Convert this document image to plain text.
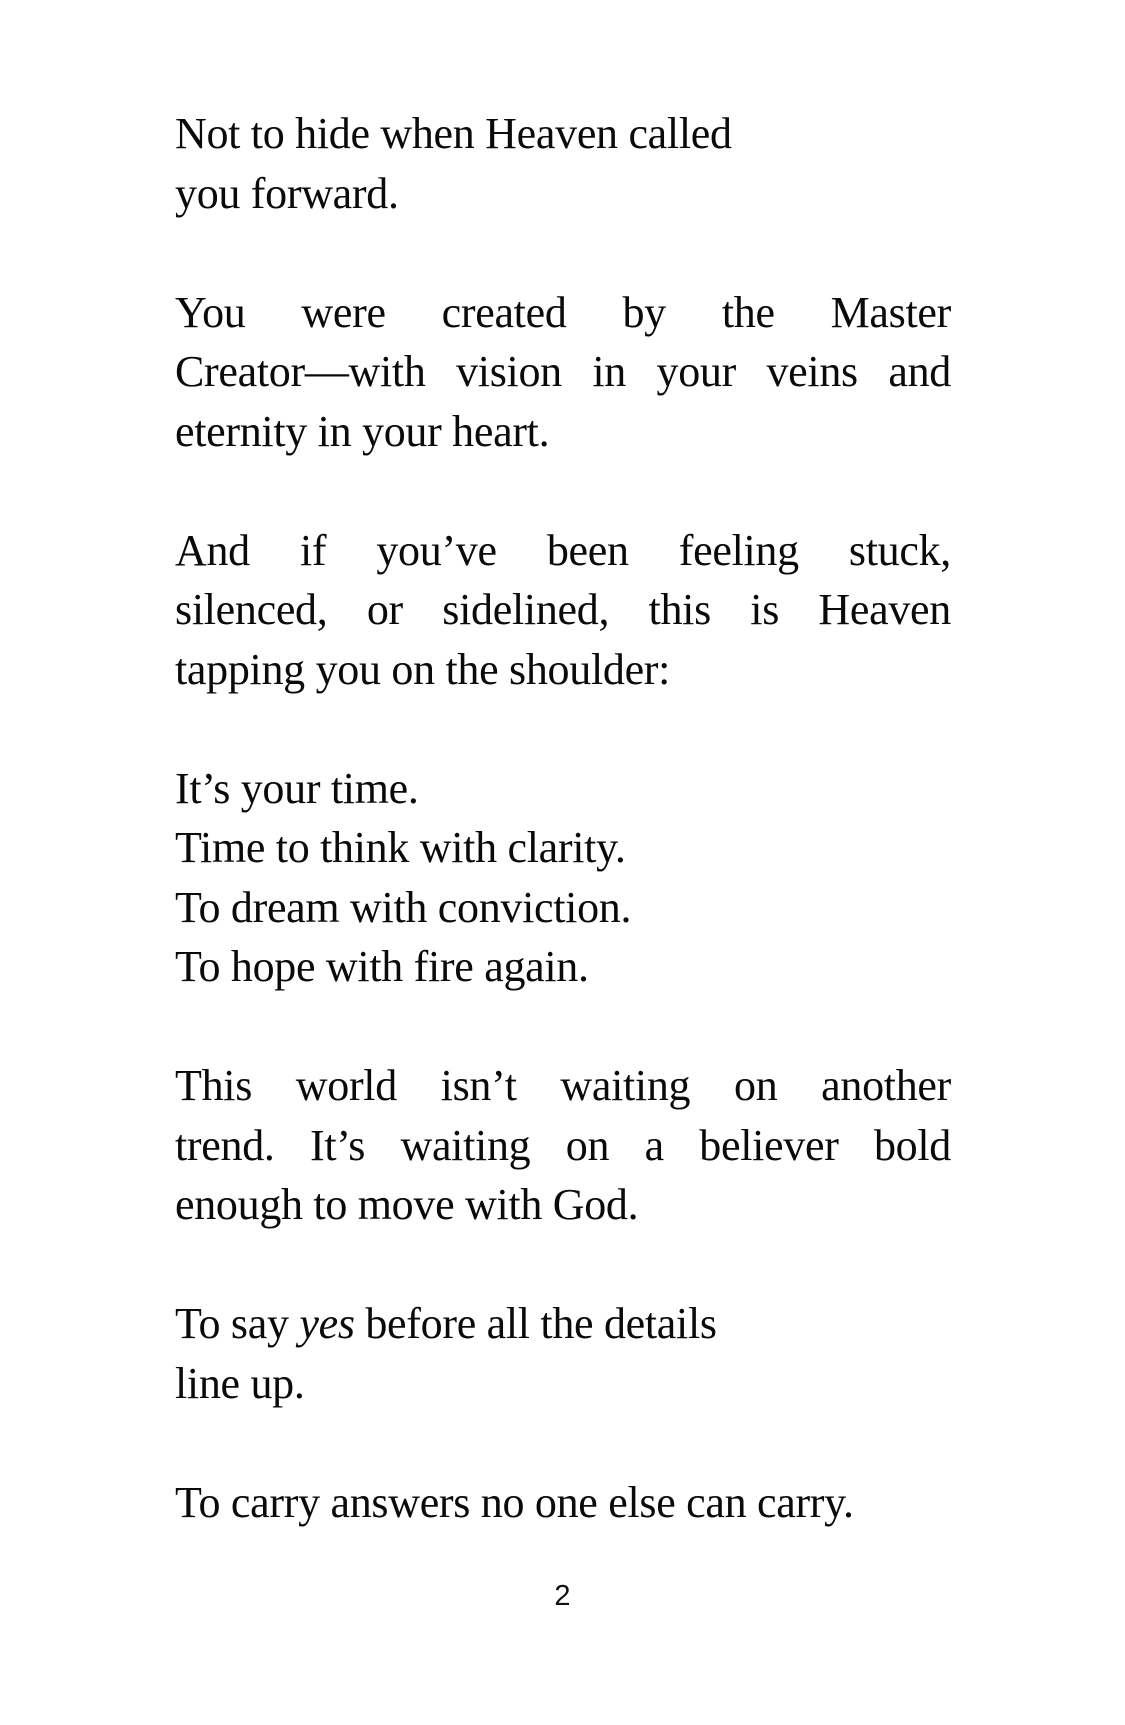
Not to hide when Heaven called
you forward.

You were created by the Master
Creator—with vision in your veins and
eternity in your heart.

And if you’ve been feeling stuck,
silenced, or sidelined, this is Heaven
tapping you on the shoulder:

It’s your time.
Time to think with clarity.
To dream with conviction.
To hope with fire again.

This world isn’t waiting on another
trend. It’s waiting on a believer bold
enough to move with God.

To say yes before all the details
line up.

To carry answers no one else can carry.

2
